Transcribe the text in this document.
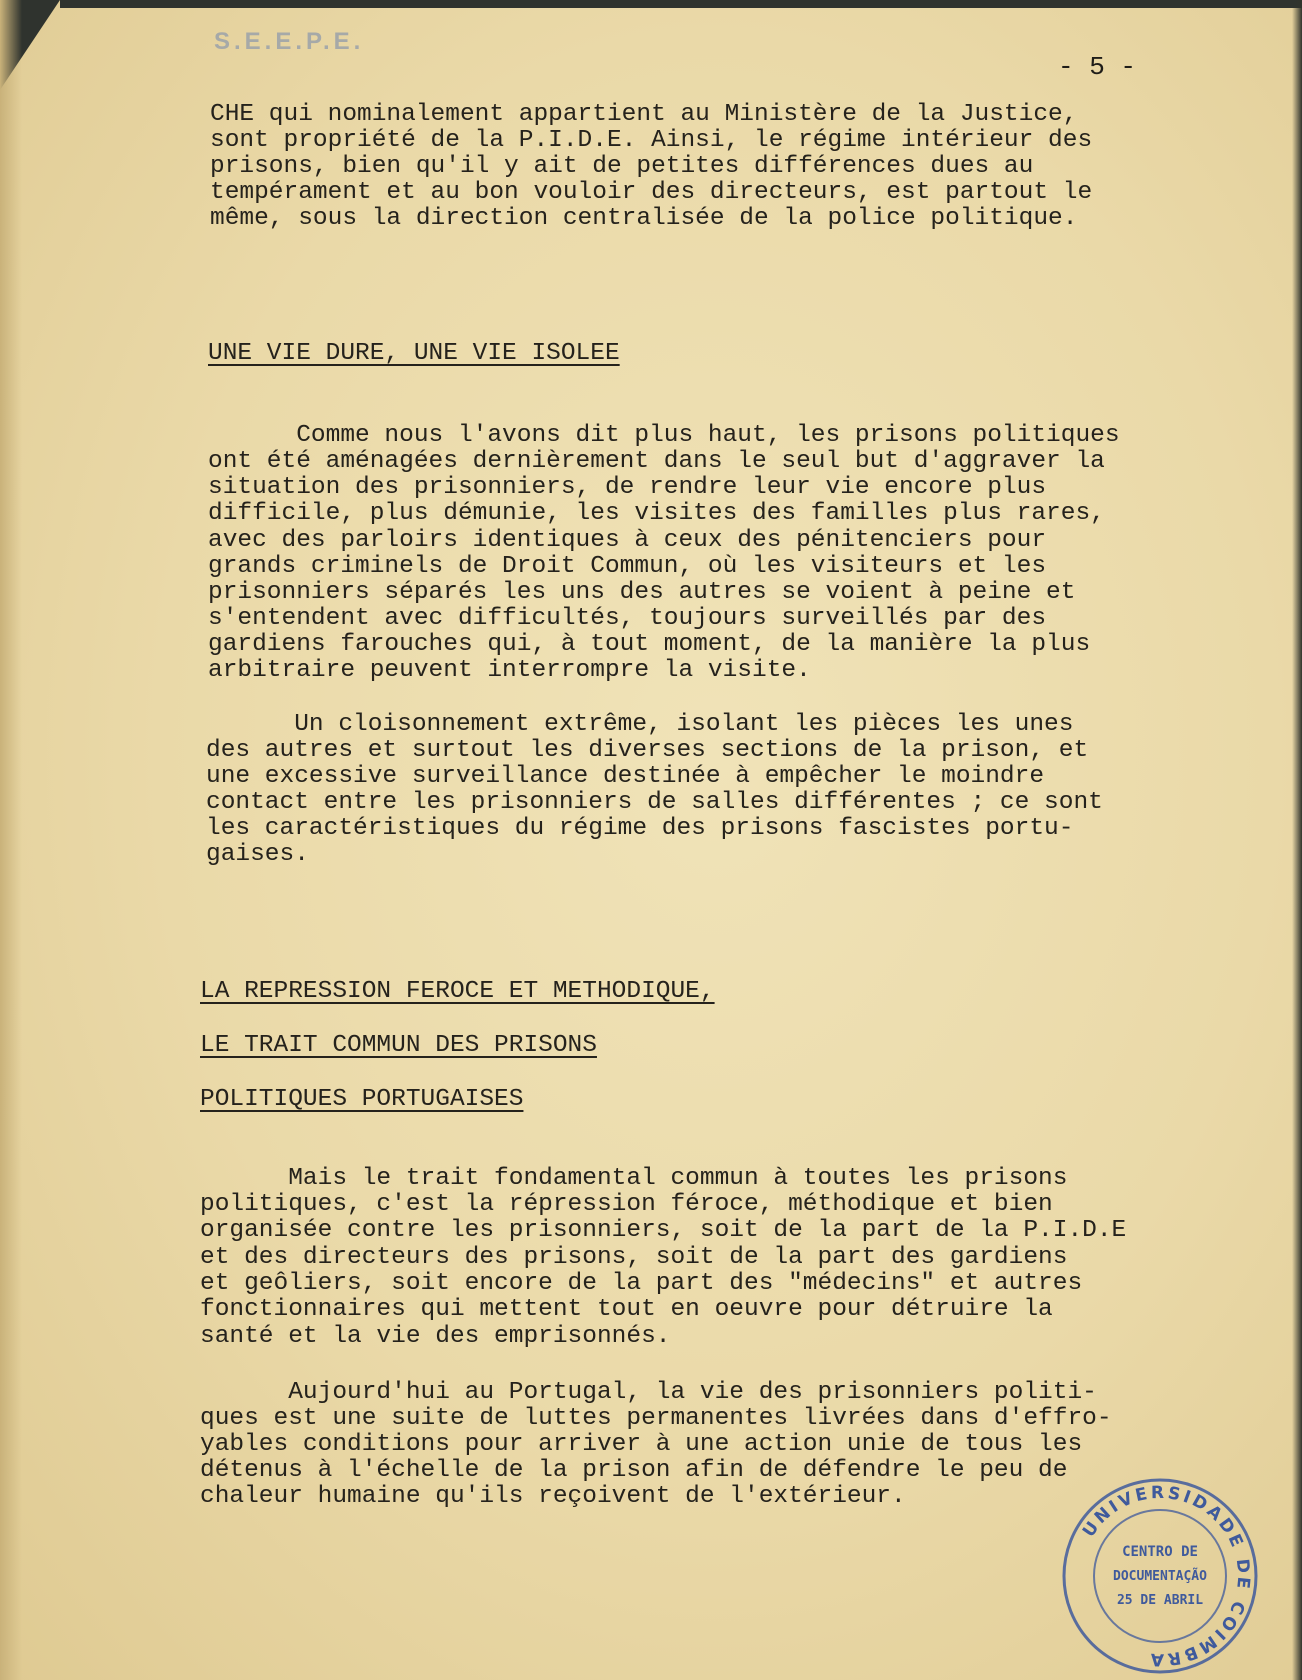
S.E.E.P.E.
- 5 -

CHE qui nominalement appartient au Ministère de la Justice,

sont propriété de la P.I.D.E. Ainsi, le régime intérieur des

prisons, bien qu'il y ait de petites différences dues au

tempérament et au bon vouloir des directeurs, est partout le

même, sous la direction centralisée de la police politique.

UNE VIE DURE, UNE VIE ISOLEE

Comme nous l'avons dit plus haut, les prisons politiques

ont été aménagées dernièrement dans le seul but d'aggraver la

situation des prisonniers, de rendre leur vie encore plus

difficile, plus démunie, les visites des familles plus rares,

avec des parloirs identiques à ceux des pénitenciers pour

grands criminels de Droit Commun, où les visiteurs et les

prisonniers séparés les uns des autres se voient à peine et

s'entendent avec difficultés, toujours surveillés par des

gardiens farouches qui, à tout moment, de la manière la plus

arbitraire peuvent interrompre la visite.

Un cloisonnement extrême, isolant les pièces les unes

des autres et surtout les diverses sections de la prison, et

une excessive surveillance destinée à empêcher le moindre

contact entre les prisonniers de salles différentes ; ce sont

les caractéristiques du régime des prisons fascistes portu-

gaises.

LA REPRESSION FEROCE ET METHODIQUE,

LE TRAIT COMMUN DES PRISONS

POLITIQUES PORTUGAISES

Mais le trait fondamental commun à toutes les prisons

politiques, c'est la répression féroce, méthodique et bien

organisée contre les prisonniers, soit de la part de la P.I.D.E

et des directeurs des prisons, soit de la part des gardiens

et geôliers, soit encore de la part des "médecins" et autres

fonctionnaires qui mettent tout en oeuvre pour détruire la

santé et la vie des emprisonnés.

Aujourd'hui au Portugal, la vie des prisonniers politi-

ques est une suite de luttes permanentes livrées dans d'effro-

yables conditions pour arriver à une action unie de tous les

détenus à l'échelle de la prison afin de défendre le peu de

chaleur humaine qu'ils reçoivent de l'extérieur.

UNIVERSIDADE DE COIMBRA
CENTRO DE
DOCUMENTAÇÃO
25 DE ABRIL
